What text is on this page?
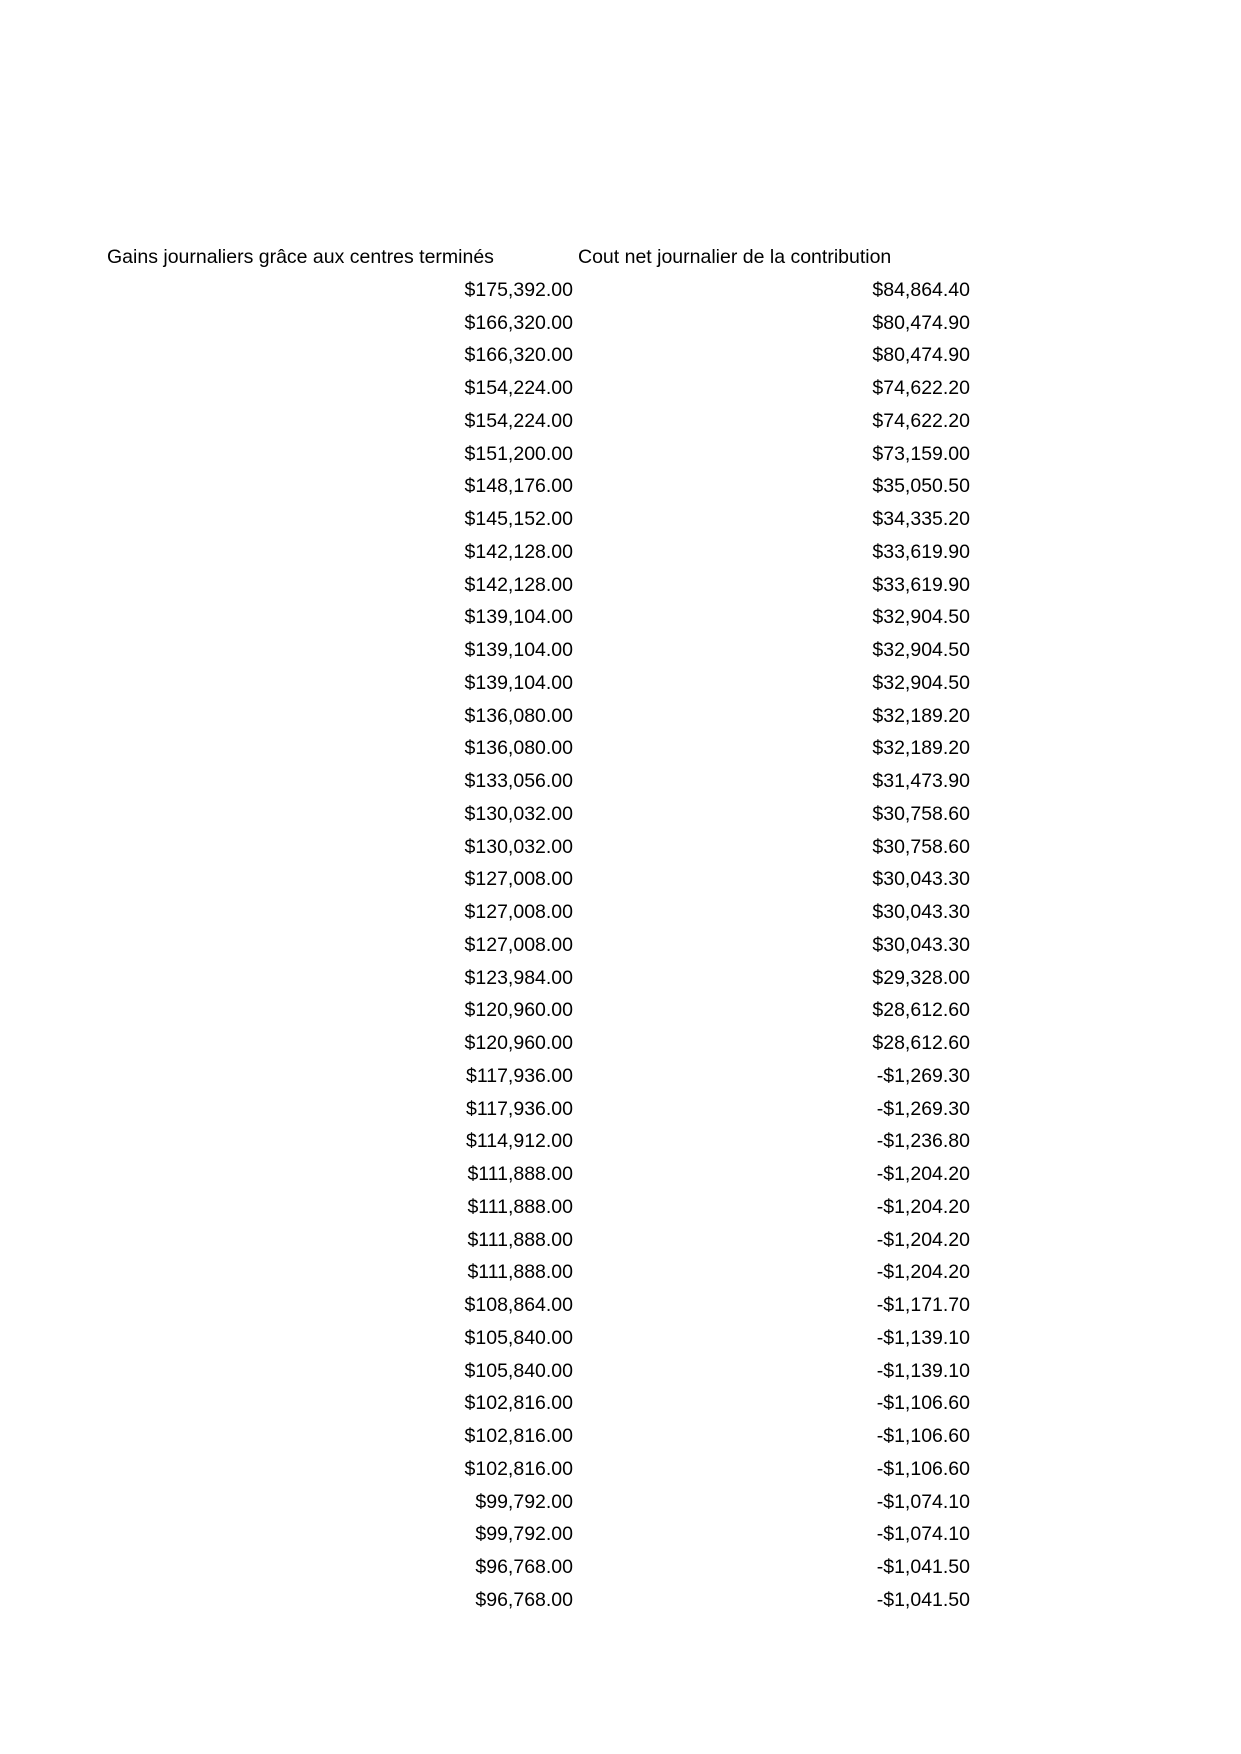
Gains journaliers grâce aux centres terminés	Cout net journalier de la contribution
$175,392.00	$84,864.40
$166,320.00	$80,474.90
$166,320.00	$80,474.90
$154,224.00	$74,622.20
$154,224.00	$74,622.20
$151,200.00	$73,159.00
$148,176.00	$35,050.50
$145,152.00	$34,335.20
$142,128.00	$33,619.90
$142,128.00	$33,619.90
$139,104.00	$32,904.50
$139,104.00	$32,904.50
$139,104.00	$32,904.50
$136,080.00	$32,189.20
$136,080.00	$32,189.20
$133,056.00	$31,473.90
$130,032.00	$30,758.60
$130,032.00	$30,758.60
$127,008.00	$30,043.30
$127,008.00	$30,043.30
$127,008.00	$30,043.30
$123,984.00	$29,328.00
$120,960.00	$28,612.60
$120,960.00	$28,612.60
$117,936.00	-$1,269.30
$117,936.00	-$1,269.30
$114,912.00	-$1,236.80
$111,888.00	-$1,204.20
$111,888.00	-$1,204.20
$111,888.00	-$1,204.20
$111,888.00	-$1,204.20
$108,864.00	-$1,171.70
$105,840.00	-$1,139.10
$105,840.00	-$1,139.10
$102,816.00	-$1,106.60
$102,816.00	-$1,106.60
$102,816.00	-$1,106.60
$99,792.00	-$1,074.10
$99,792.00	-$1,074.10
$96,768.00	-$1,041.50
$96,768.00	-$1,041.50
